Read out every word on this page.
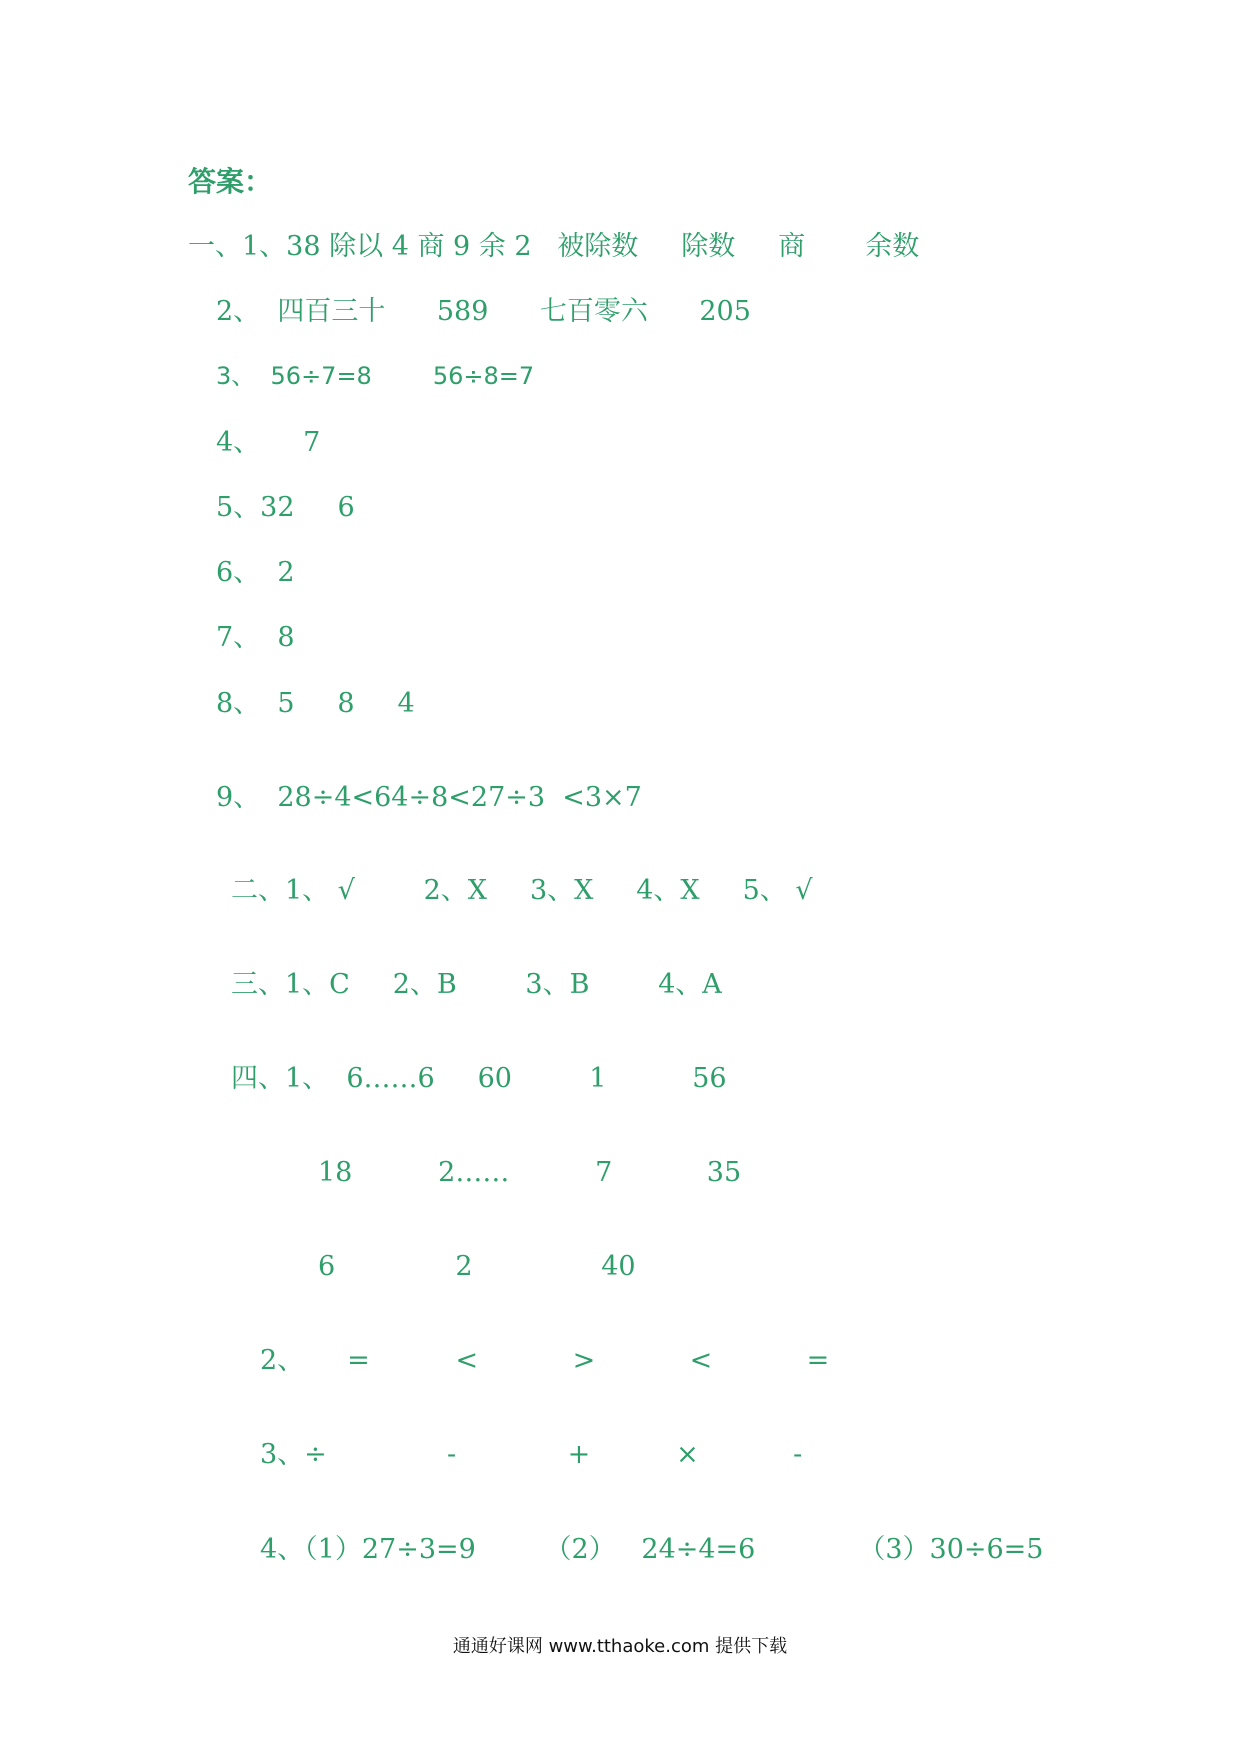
答案：
一、1、38 除以 4 商 9 余 2   被除数     除数     商       余数
2、  四百三十      589      七百零六      205
3、  56÷7=8        56÷8=7
4、     7
5、32     6
6、  2
7、  8
8、  5     8     4
9、  28÷4<64÷8<27÷3  <3×7
二、1、 √        2、X     3、X     4、X     5、 √
三、1、C     2、B        3、B        4、A
四、1、  6……6     60         1          56
18          2……          7           35
6              2               40
2、     =          <           >           <           =
3、÷              -             +          ×           -
4、（1）27÷3=9        （2）   24÷4=6            （3）30÷6=5
通通好课网 www.tthaoke.com 提供下载
